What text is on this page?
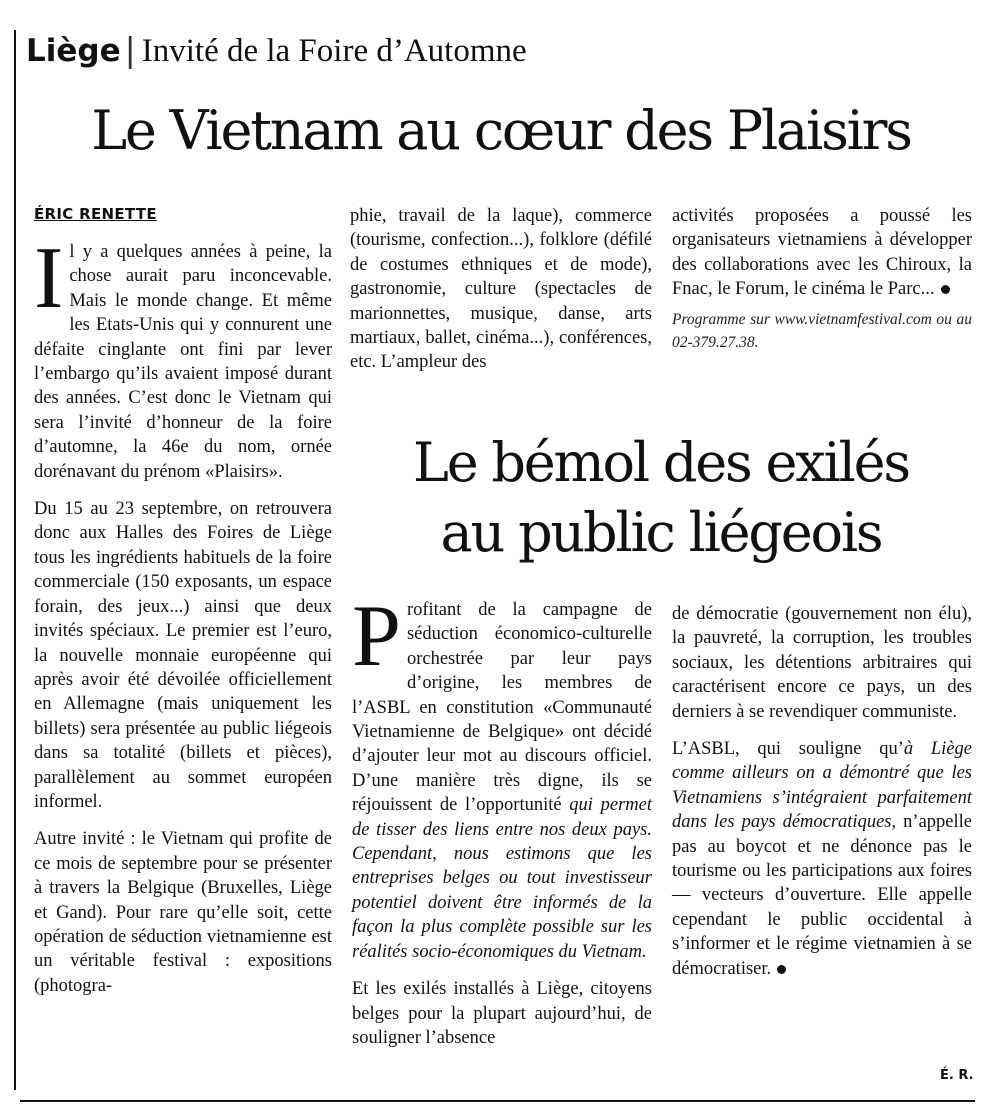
Liège | Invité de la Foire d’Automne
Le Vietnam au cœur des Plaisirs
ÉRIC RENETTE

Il y a quelques années à peine, la chose aurait paru inconcevable. Mais le monde change. Et même les Etats-Unis qui y connurent une défaite cinglante ont fini par lever l’embargo qu’ils avaient imposé durant des années. C’est donc le Vietnam qui sera l’invité d’honneur de la foire d’automne, la 46e du nom, ornée dorénavant du prénom «Plaisirs».

Du 15 au 23 septembre, on retrouvera donc aux Halles des Foires de Liège tous les ingrédients habituels de la foire commerciale (150 exposants, un espace forain, des jeux...) ainsi que deux invités spéciaux. Le premier est l’euro, la nouvelle monnaie européenne qui après avoir été dévoilée officiellement en Allemagne (mais uniquement les billets) sera présentée au public liégeois dans sa totalité (billets et pièces), parallèlement au sommet européen informel.

Autre invité : le Vietnam qui profite de ce mois de septembre pour se présenter à travers la Belgique (Bruxelles, Liège et Gand). Pour rare qu’elle soit, cette opération de séduction vietnamienne est un véritable festival : expositions (photogra-

phie, travail de la laque), commerce (tourisme, confection...), folklore (défilé de costumes ethniques et de mode), gastronomie, culture (spectacles de marionnettes, musique, danse, arts martiaux, ballet, cinéma...), conférences, etc. L’ampleur des

activités proposées a poussé les organisateurs vietnamiens à développer des collaborations avec les Chiroux, la Fnac, le Forum, le cinéma le Parc...

Programme sur www.vietnamfestival.com ou au 02-379.27.38.
Le bémol des exilés
au public liégeois

Profitant de la campagne de séduction économico-culturelle orchestrée par leur pays d’origine, les membres de l’ASBL en constitution «Communauté Vietnamienne de Belgique» ont décidé d’ajouter leur mot au discours officiel. D’une manière très digne, ils se réjouissent de l’opportunité qui permet de tisser des liens entre nos deux pays. Cependant, nous estimons que les entreprises belges ou tout investisseur potentiel doivent être informés de la façon la plus complète possible sur les réalités socio-économiques du Vietnam.

Et les exilés installés à Liège, citoyens belges pour la plupart aujourd’hui, de souligner l’absence

de démocratie (gouvernement non élu), la pauvreté, la corruption, les troubles sociaux, les détentions arbitraires qui caractérisent encore ce pays, un des derniers à se revendiquer communiste.

L’ASBL, qui souligne qu’à Liège comme ailleurs on a démontré que les Vietnamiens s’intégraient parfaitement dans les pays démocratiques, n’appelle pas au boycot et ne dénonce pas le tourisme ou les participations aux foires — vecteurs d’ouverture. Elle appelle cependant le public occidental à s’informer et le régime vietnamien à se démocratiser.

É. R.
